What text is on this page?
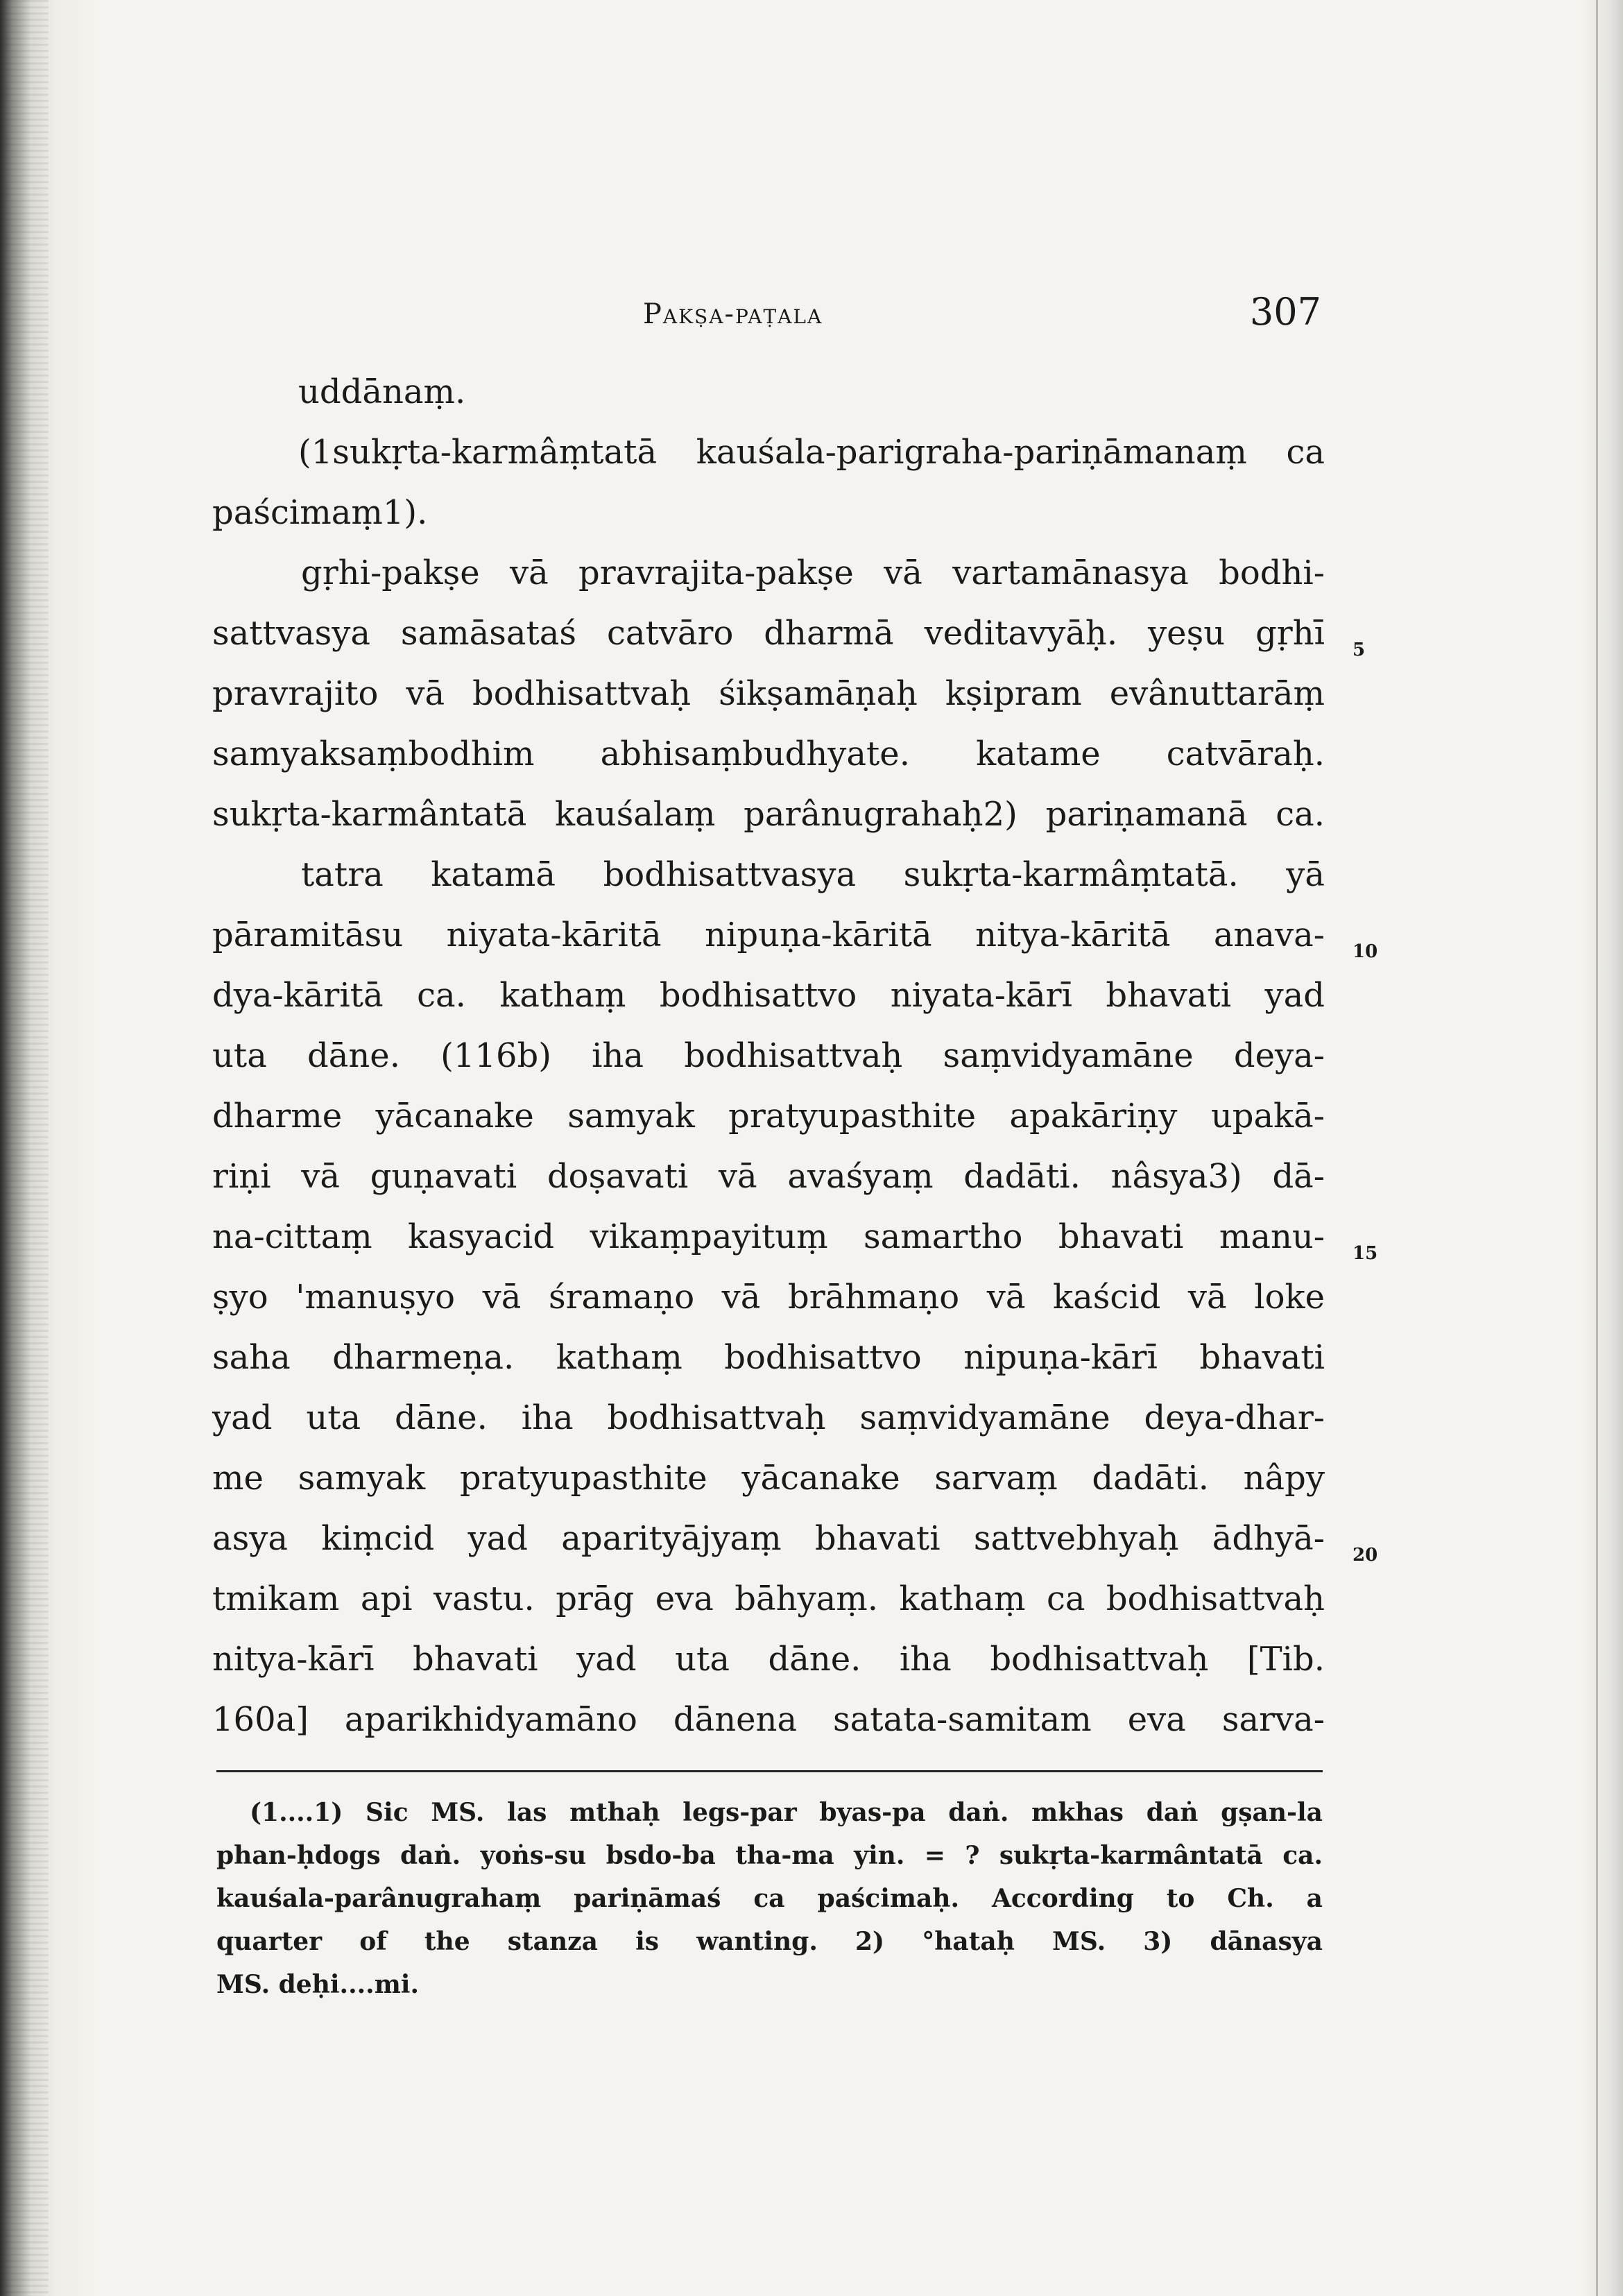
Pakṣa-paṭala	307
uddānaṃ.
(1sukṛta-karmâṃtatā kauśala-parigraha-pariṇāmanaṃ ca
paścimaṃ1).
gṛhi-pakṣe vā pravrajita-pakṣe vā vartamānasya bodhi-
sattvasya samāsataś catvāro dharmā veditavyāḥ. yeṣu gṛhī
pravrajito vā bodhisattvaḥ śikṣamāṇaḥ kṣipram evânuttarāṃ
samyaksaṃbodhim abhisaṃbudhyate. katame catvāraḥ.
sukṛta-karmântatā kauśalaṃ parânugrahaḥ2) pariṇamanā ca.
tatra katamā bodhisattvasya sukṛta-karmâṃtatā. yā
pāramitāsu niyata-kāritā nipuṇa-kāritā nitya-kāritā anava-
dya-kāritā ca. kathaṃ bodhisattvo niyata-kārī bhavati yad
uta dāne. (116b) iha bodhisattvaḥ saṃvidyamāne deya-
dharme yācanake samyak pratyupasthite apakāriṇy upakā-
riṇi vā guṇavati doṣavati vā avaśyaṃ dadāti. nâsya3) dā-
na-cittaṃ kasyacid vikaṃpayituṃ samartho bhavati manu-
ṣyo 'manuṣyo vā śramaṇo vā brāhmaṇo vā kaścid vā loke
saha dharmeṇa. kathaṃ bodhisattvo nipuṇa-kārī bhavati
yad uta dāne. iha bodhisattvaḥ saṃvidyamāne deya-dhar-
me samyak pratyupasthite yācanake sarvaṃ dadāti. nâpy
asya kiṃcid yad aparityājyaṃ bhavati sattvebhyaḥ ādhyā-
tmikam api vastu. prāg eva bāhyaṃ. kathaṃ ca bodhisattvaḥ
nitya-kārī bhavati yad uta dāne. iha bodhisattvaḥ [Tib.
160a] aparikhidyamāno dānena satata-samitam eva sarva-
5
10
15
20
(1....1) Sic MS. las mthaḥ legs-par byas-pa daṅ. mkhas daṅ gṣan-la
phan-ḥdogs daṅ. yoṅs-su bsdo-ba tha-ma yin. = ? sukṛta-karmântatā ca.
kauśala-parânugrahaṃ pariṇāmaś ca paścimaḥ. According to Ch. a
quarter of the stanza is wanting. 2) °hataḥ MS. 3) dānasya
MS. deḥi....mi.
